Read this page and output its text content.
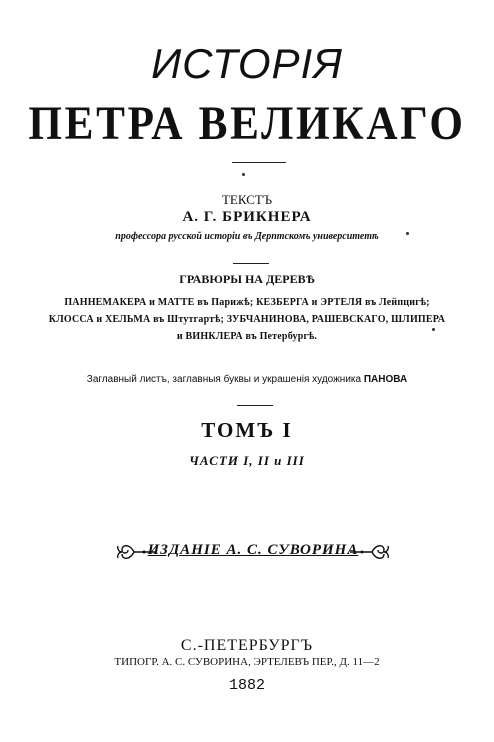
ИСТОРІЯ
ПЕТРА ВЕЛИКАГО
ТЕКСТЪ
А. Г. БРИКНЕРА
профессора русской исторіи въ Дерптскомъ университетѣ
ГРАВЮРЫ НА ДЕРЕВѢ
ПАННЕМАКЕРА и МАТТЕ въ Парижѣ; КЕЗБЕРГА и ЭРТЕЛЯ въ Лейпцигѣ;
КЛОССА и ХЕЛЬМА въ Штутгартѣ; ЗУБЧАНИНОВА, РАШЕВСКАГО, ШЛИПЕРА
и ВИНКЛЕРА въ Петербургѣ.
Заглавный листъ, заглавныя буквы и украшенія художника ПАНОВА
ТОМЪ I
ЧАСТИ I, II и III
ИЗДАНІЕ А. С. СУВОРИНА
С.-ПЕТЕРБУРГЪ
ТИПОГР. А. С. СУВОРИНА, ЭРТЕЛЕВЪ ПЕР., Д. 11—2
1882
